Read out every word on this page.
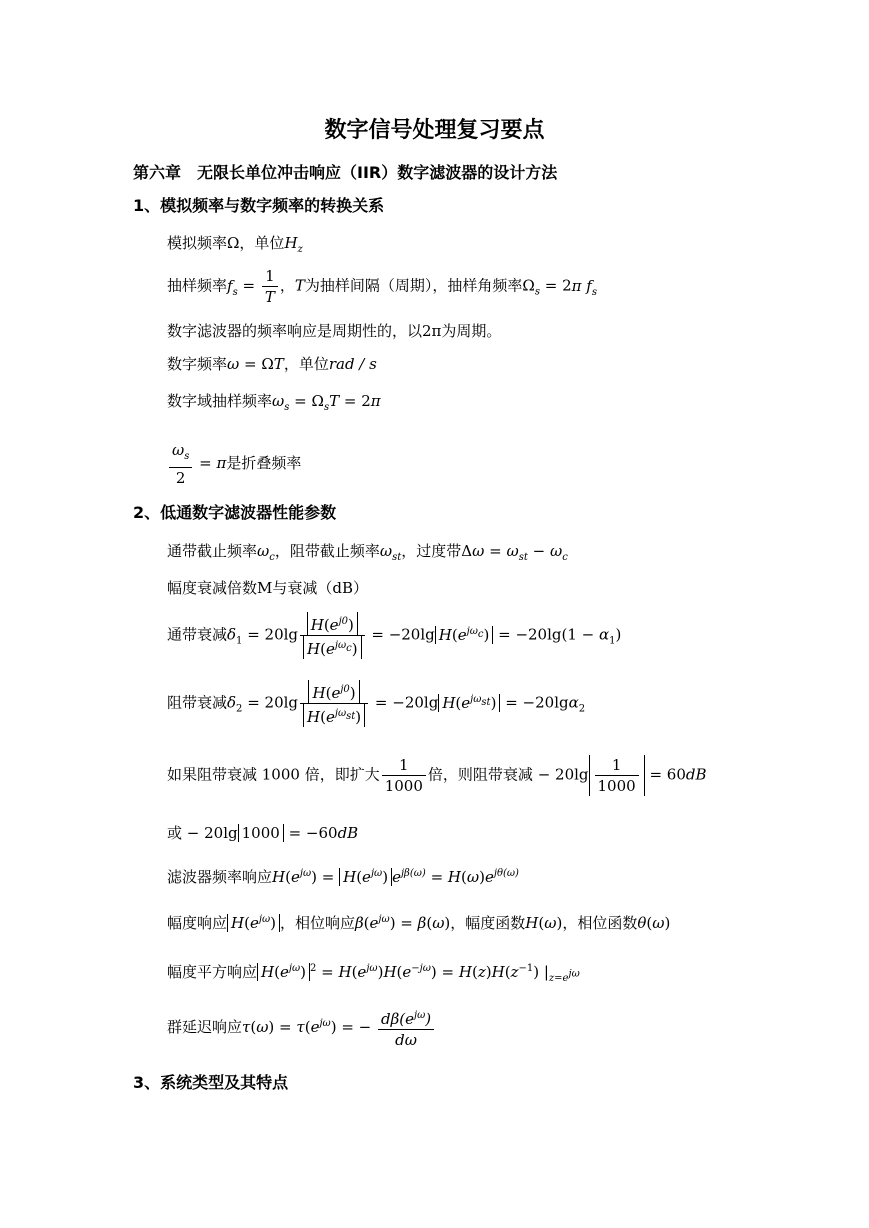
数字信号处理复习要点
第六章　无限长单位冲击响应（IIR）数字滤波器的设计方法
1、模拟频率与数字频率的转换关系
模拟频率Ω，单位$H_z$
抽样频率$f_s = \frac{1}{T}$ ，T为抽样间隔（周期），抽样角频率$\Omega_s = 2\pi$ $f_s$
数字滤波器的频率响应是周期性的，以2π为周期。
数字频率ω = ΩT，单位rad / s
数字域抽样频率$\omega_s = \Omega_sT = 2\pi$
$\frac{\omega_s}{2} = \pi$是折叠频率
2、低通数字滤波器性能参数
通带截止频率$\omega_c$，阻带截止频率$\omega_{st}$，过度带$\Delta\omega = \omega_{st} - \omega_c$
幅度衰减倍数M与衰减（dB）
通带衰减$\delta_1 = 20\lg \frac{H(e^{j0})}{H(e^{j\omega_c})} = -20\lg$ $H(e^{j\omega_c}) = -20\lg(1 - \alpha_1)$
阻带衰减$\delta_2 = 20\lg \frac{H(e^{j0})}{H(e^{j\omega_{st}})} = -20\lg$ $H(e^{j\omega_{st}}) = -20\lg\alpha_2$
如果阻带衰减 1000 倍，即扩大 $\frac{1}{1000}$ 倍，则阻带衰减 − $20\lg \frac{1}{1000} = 60dB$
或 − 20lg 1000 = −60dB
滤波器频率响应$H(e^{j\omega}) = H(e^{j\omega}) e^{j\beta(\omega)} = H(\omega)e^{j\theta(\omega)}$
幅度响应 $H(e^{j\omega})$ ，相位响应$\beta(e^{j\omega}) = \beta(\omega)$，幅度函数H(ω)，相位函数θ(ω)
幅度平方响应 $H(e^{j\omega}) ^2 = H(e^{j\omega})H(e^{-j\omega}) = H(z)H(z^{-1})$ $|_{z=e^{j\omega}}$
群延迟响应$\tau(\omega) = \tau(e^{j\omega})$ = − $\frac{d\beta(e^{j\omega})}{d\omega}$
3、系统类型及其特点
